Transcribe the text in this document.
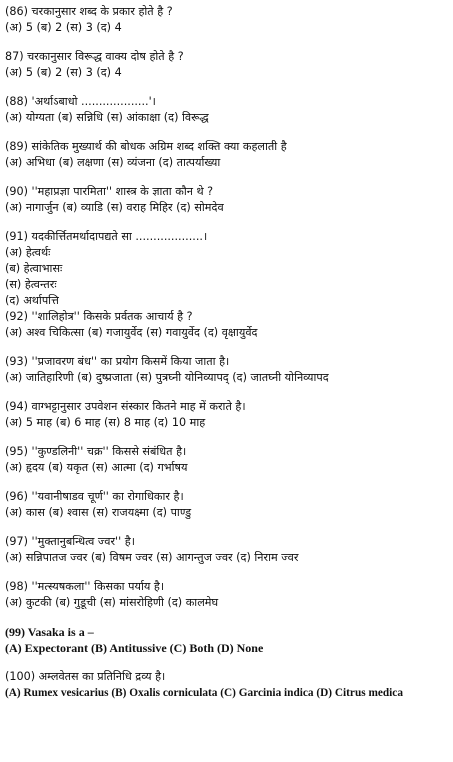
(86) चरकानुसार शब्द के प्रकार होते है ?
(अ) 5 (ब) 2 (स) 3 (द) 4
87) चरकानुसार विरूद्ध वाक्य दोष होते है ?
(अ) 5 (ब) 2 (स) 3 (द) 4
(88) 'अर्थाऽबाधो ...................'।
(अ) योग्यता (ब) सन्निधि (स) आंकाक्षा (द) विरूद्ध
(89) सांकेतिक मुख्यार्थ की बोधक अग्रिम शब्द शक्ति क्या कहलाती है
(अ) अभिधा (ब) लक्षणा (स) व्यंजना (द) तात्पर्याख्या
(90) ''महाप्रज्ञा पारमिता'' शास्त्र के ज्ञाता कौन थे ?
(अ) नागार्जुन (ब) व्याडि (स) वराह मिहिर (द) सोमदेव
(91) यदकीर्त्तितमर्थादापद्यते सा ...................।
(अ) हेत्वर्थः
(ब) हेत्वाभासः
(स) हेत्वन्तरः
(द) अर्थापत्ति
(92) ''शालिहोत्र'' किसके प्रर्वतक आचार्य है ?
(अ) अश्व चिकित्सा (ब) गजायुर्वेद (स) गवायुर्वेद (द) वृक्षायुर्वेद
(93) ''प्रजावरण बंध'' का प्रयोग किसमें किया जाता है।
(अ) जातिहारिणी (ब) दुष्प्रजाता (स) पुत्रघ्नी योनिव्यापद् (द) जातघ्नी योनिव्यापद
(94) वाग्भट्टानुसार उपवेशन संस्कार कितने माह में कराते है।
(अ) 5 माह (ब) 6 माह (स) 8 माह (द) 10 माह
(95) ''कुण्डलिनी'' चक्र'' किससे संबंधित है।
(अ) हृदय (ब) यकृत (स) आत्मा (द) गर्भाषय
(96) ''यवानीषाडव चूर्ण'' का रोगाधिकार है।
(अ) कास (ब) श्वास (स) राजयक्ष्मा (द) पाण्डु
(97) ''मुक्तानुबन्धित्व ज्वर'' है।
(अ) सन्निपातज ज्वर (ब) विषम ज्वर (स) आगन्तुज ज्वर (द) निराम ज्वर
(98) ''मत्स्यषकला'' किसका पर्याय है।
(अ) कुटकी (ब) गुडूची (स) मांसरोहिणी (द) कालमेघ
(99) Vasaka is a –
(A) Expectorant (B) Antitussive (C) Both (D) None
(100) अम्लवेतस का प्रतिनिधि द्रव्य है।
(A) Rumex vesicarius (B) Oxalis corniculata (C) Garcinia indica (D) Citrus medica
